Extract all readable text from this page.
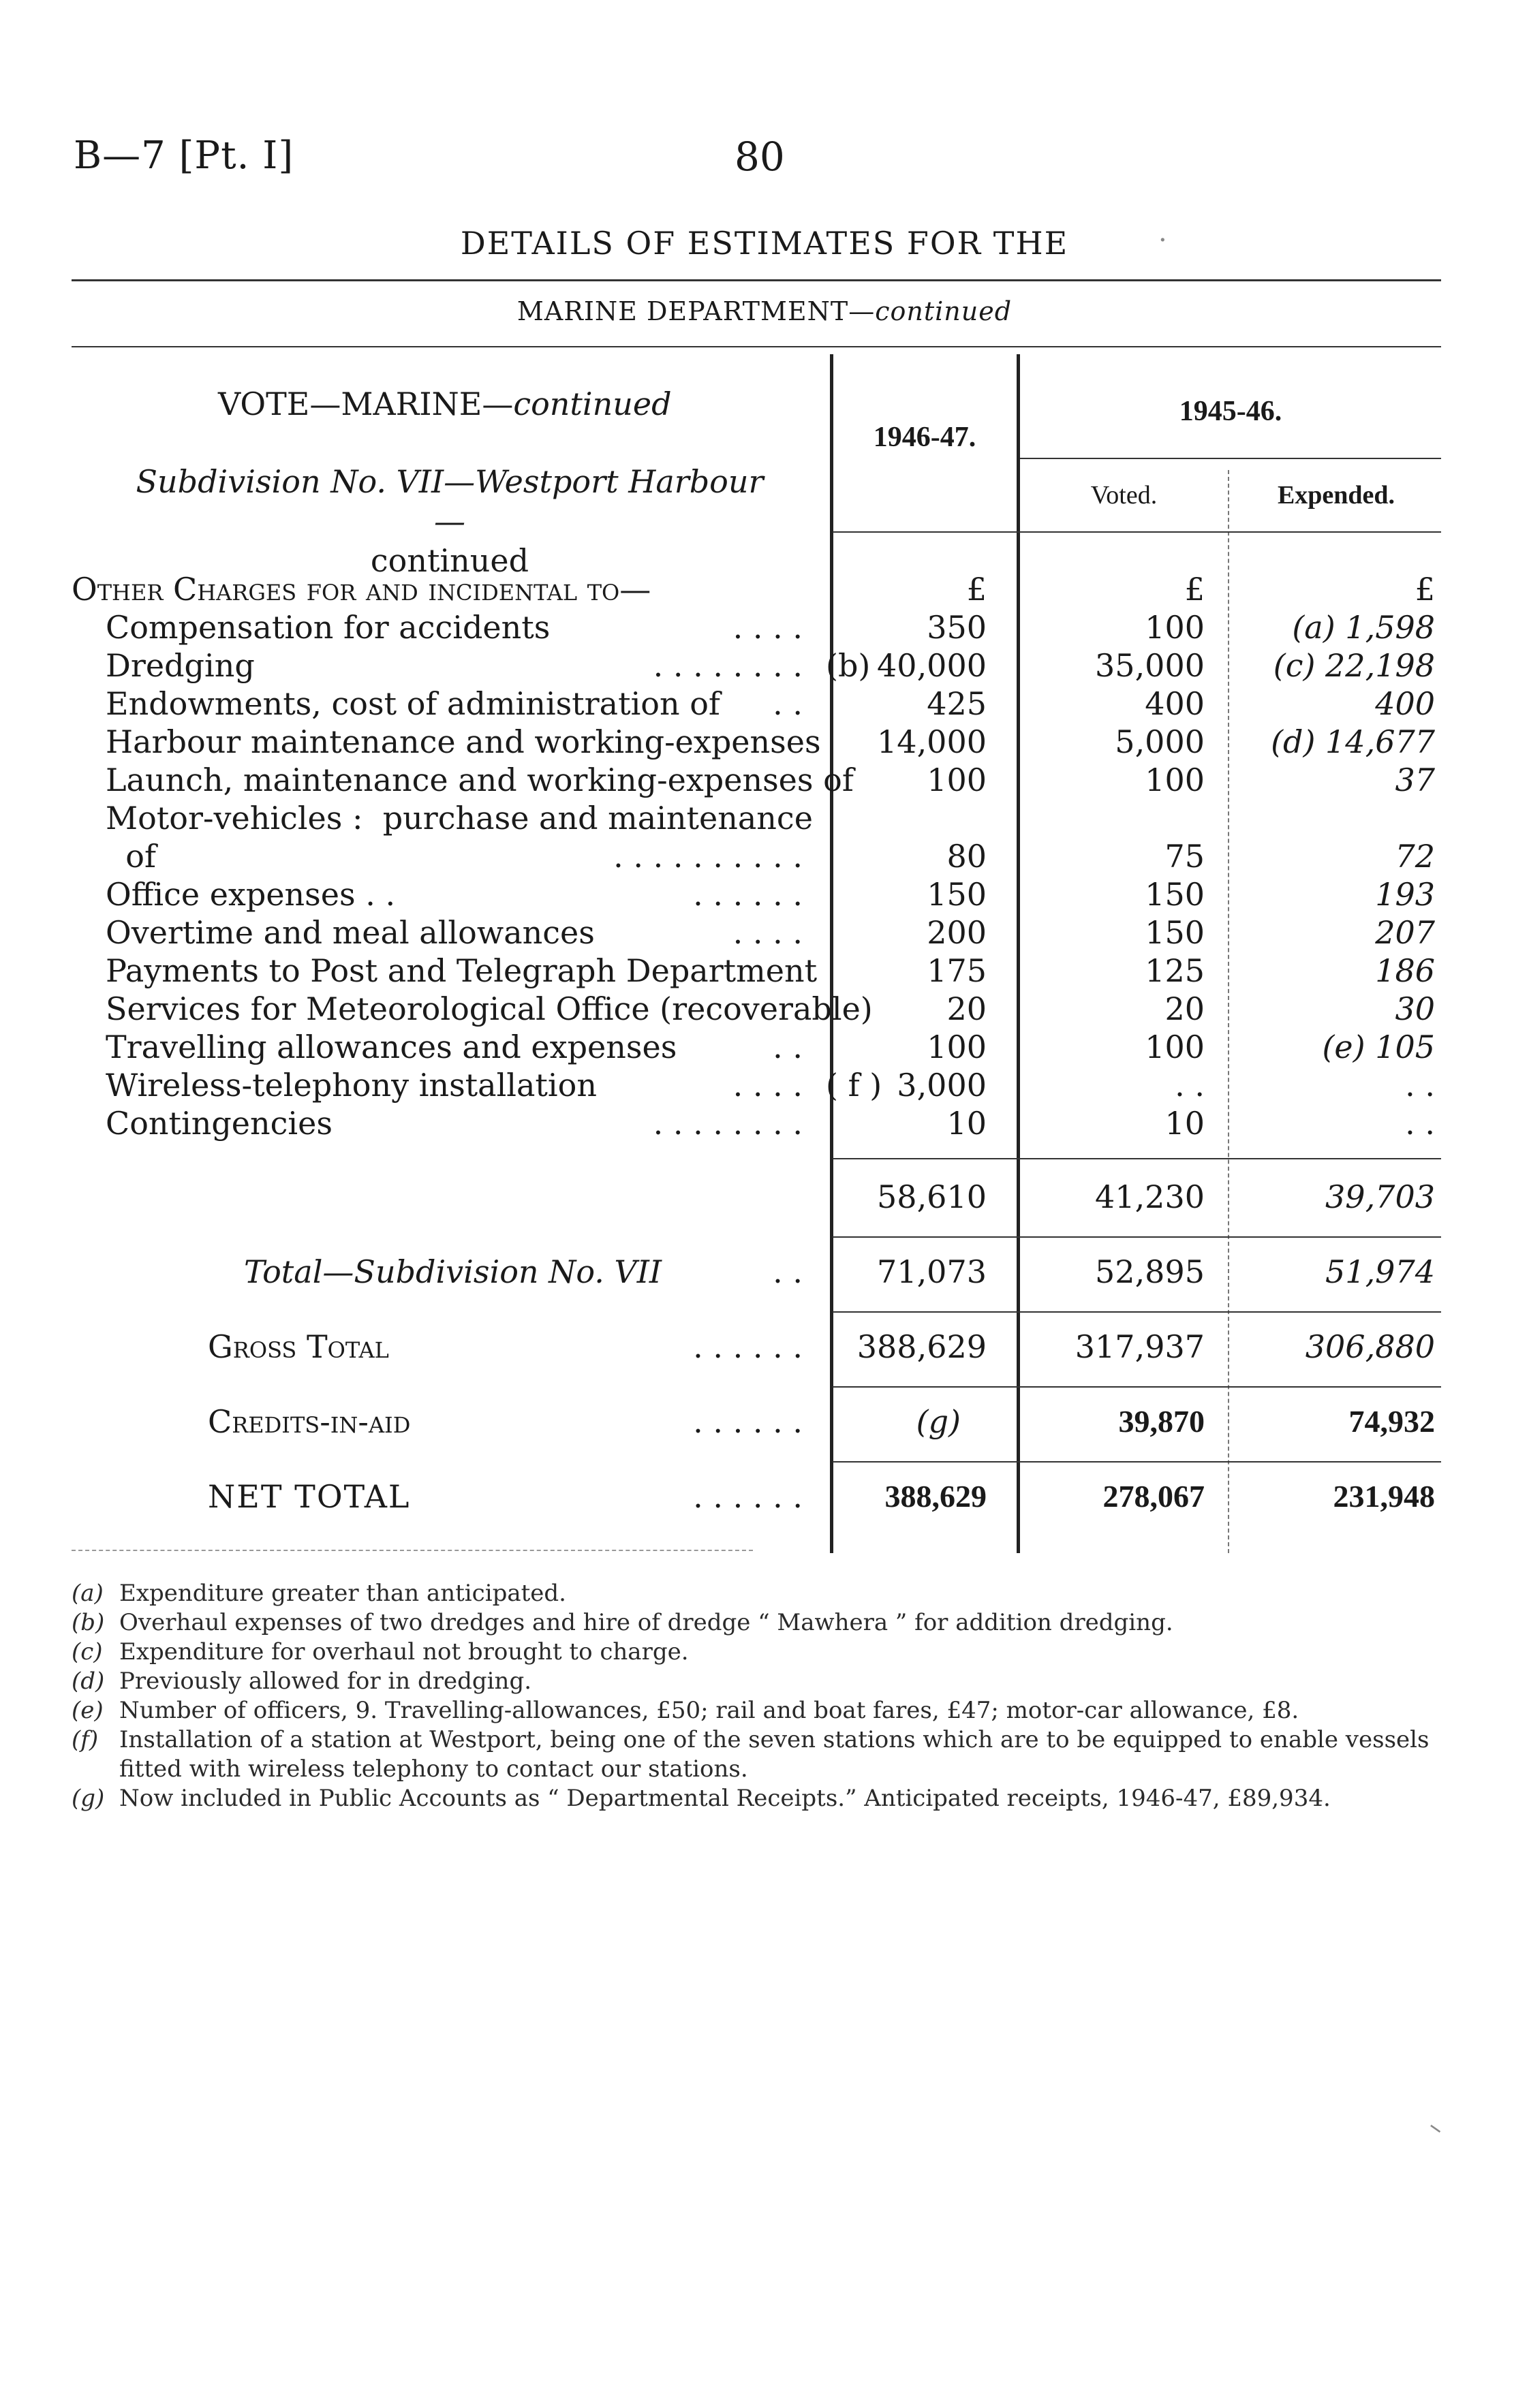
B—7 [Pt. I]	80
DETAILS OF ESTIMATES FOR THE
MARINE DEPARTMENT—continued
VOTE—MARINE—continued
Subdivision No. VII—Westport Harbour—
continued
1946-47.
1945-46.
Voted.	Expended.
Other Charges for and incidental to—	£	£	£
Compensation for accidents	. . . .	350	100	(a) 1,598
Dredging	. . . . . . . . (b) 40,000	35,000	(c) 22,198
Endowments, cost of administration of . .	425	400	400
Harbour maintenance and working-expenses	14,000	5,000	(d) 14,677
Launch, maintenance and working-expenses of	100	100	37
Motor-vehicles :  purchase and maintenance
of	. . . . . . . . . .	80	75	72
Office expenses . .	. . . . . .	150	150	193
Overtime and meal allowances	. . . .	200	150	207
Payments to Post and Telegraph Department	175	125	186
Services for Meteorological Office (recoverable)	20	20	30
Travelling allowances and expenses	. .	100	100	(e) 105
Wireless-telephony installation	. . . . ( f ) 3,000	. .	. .
Contingencies	. . . . . . . .	10	10	. .
58,610	41,230	39,703
Total—Subdivision No. VII	. .	71,073	52,895	51,974
Gross Total	. . . . . .	388,629	317,937	306,880
Credits-in-aid	. . . . . .	(g)	39,870	74,932
NET TOTAL	. . . . . .	388,629	278,067	231,948
(a) Expenditure greater than anticipated.
(b) Overhaul expenses of two dredges and hire of dredge “ Mawhera ” for addition dredging.
(c) Expenditure for overhaul not brought to charge.
(d) Previously allowed for in dredging.
(e) Number of officers, 9. Travelling-allowances, £50; rail and boat fares, £47; motor-car allowance, £8.
(f) Installation of a station at Westport, being one of the seven stations which are to be equipped to enable vessels fitted with wireless telephony to contact our stations.
(g) Now included in Public Accounts as “ Departmental Receipts.” Anticipated receipts, 1946-47, £89,934.
·
–
